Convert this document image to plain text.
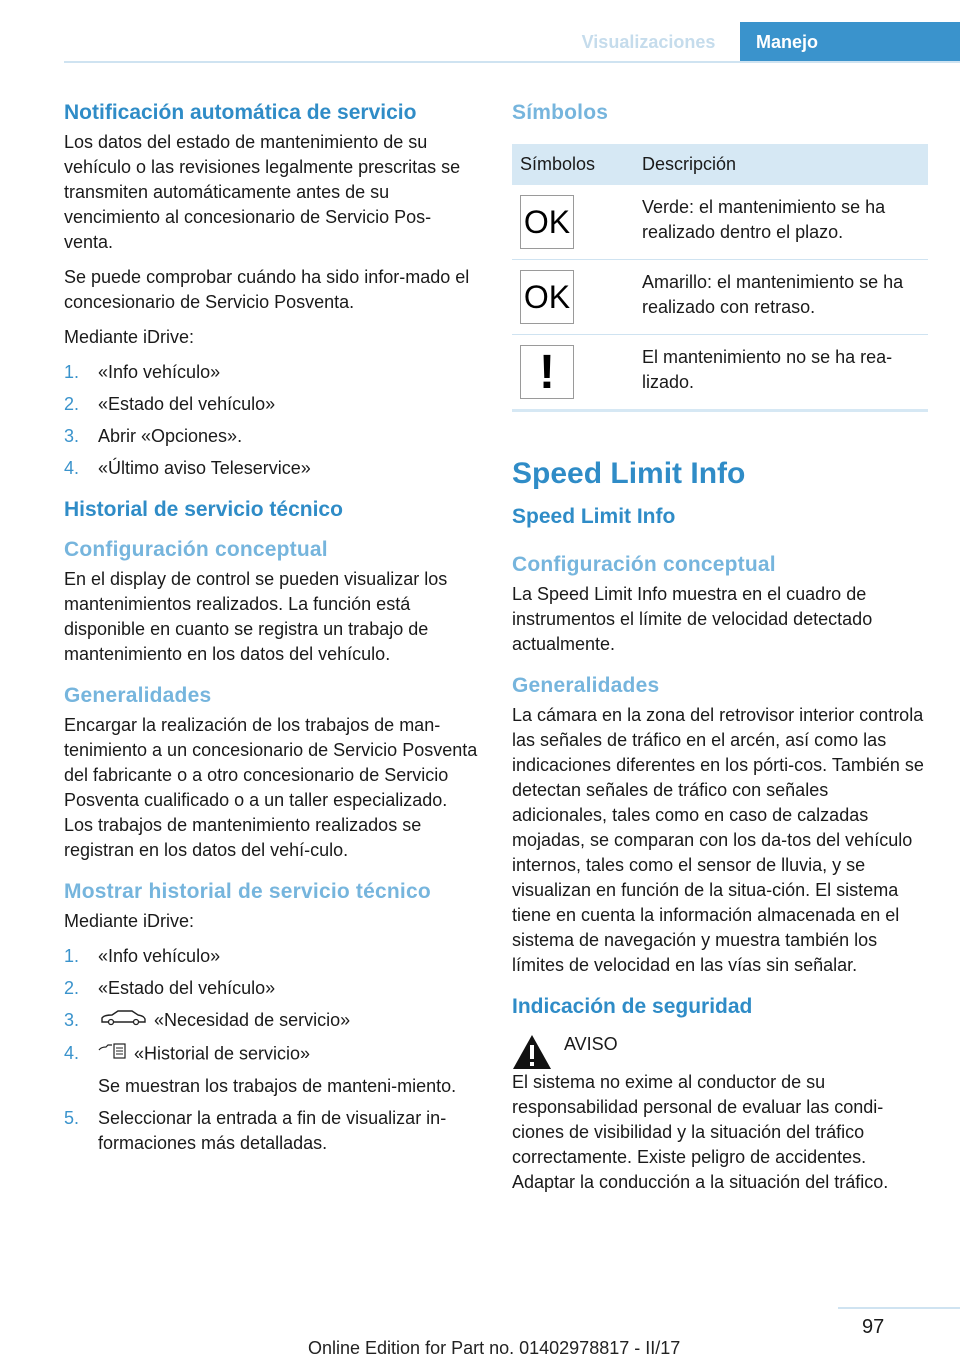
Visualizaciones	Manejo
Notificación automática de servicio

Los datos del estado de mantenimiento de su vehículo o las revisiones legalmente prescritas se transmiten automáticamente antes de su vencimiento al concesionario de Servicio Pos‐venta.

Se puede comprobar cuándo ha sido infor‐mado el concesionario de Servicio Posventa.

Mediante iDrive:

1. «Info vehículo»
2. «Estado del vehículo»
3. Abrir «Opciones».
4. «Último aviso Teleservice»
Historial de servicio técnico
Configuración conceptual

En el display de control se pueden visualizar los mantenimientos realizados. La función está disponible en cuanto se registra un trabajo de mantenimiento en los datos del vehículo.

Generalidades

Encargar la realización de los trabajos de man‐tenimiento a un concesionario de Servicio Posventa del fabricante o a otro concesionario de Servicio Posventa cualificado o a un taller especializado. Los trabajos de mantenimiento realizados se registran en los datos del vehí‐culo.

Mostrar historial de servicio técnico

Mediante iDrive:

1. «Info vehículo»
2. «Estado del vehículo»
3.	«Necesidad de servicio»
4.	«Historial de servicio»
Se muestran los trabajos de manteni‐miento.
5. Seleccionar la entrada a fin de visualizar in‐formaciones más detalladas.
Símbolos
Símbolos	Descripción

OK	Verde: el mantenimiento se ha realizado dentro el plazo.

OK	Amarillo: el mantenimiento se ha realizado con retraso.

!	El mantenimiento no se ha rea‐lizado.
Speed Limit Info
Speed Limit Info
Configuración conceptual

La Speed Limit Info muestra en el cuadro de instrumentos el límite de velocidad detectado actualmente.

Generalidades

La cámara en la zona del retrovisor interior controla las señales de tráfico en el arcén, así como las indicaciones diferentes en los pórti‐cos. También se detectan señales de tráfico con señales adicionales, tales como en caso de calzadas mojadas, se comparan con los da‐tos del vehículo internos, tales como el sensor de lluvia, y se visualizan en función de la situa‐ción. El sistema tiene en cuenta la información almacenada en el sistema de navegación y muestra también los límites de velocidad en las vías sin señalar.

Indicación de seguridad
AVISO

El sistema no exime al conductor de su responsabilidad personal de evaluar las condi‐ciones de visibilidad y la situación del tráfico correctamente. Existe peligro de accidentes. Adaptar la conducción a la situación del tráfico.

97
Online Edition for Part no. 01402978817 - II/17
